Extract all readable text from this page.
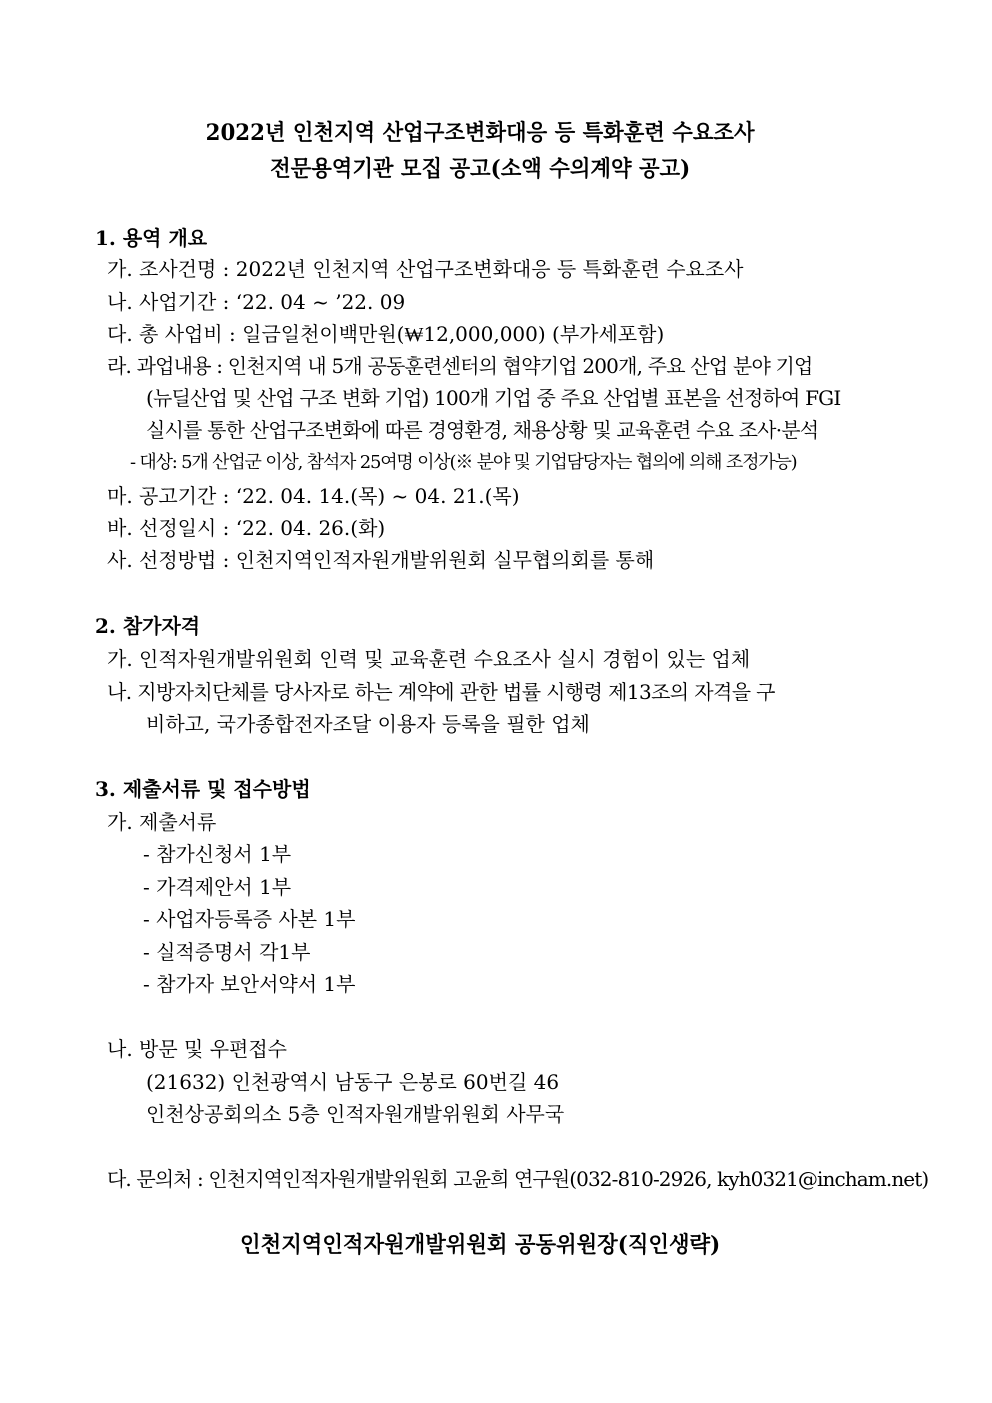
2022년 인천지역 산업구조변화대응 등 특화훈련 수요조사
전문용역기관 모집 공고(소액 수의계약 공고)
1. 용역 개요
가. 조사건명 : 2022년 인천지역 산업구조변화대응 등 특화훈련 수요조사
나. 사업기간 : ‘22. 04 ~ ’22. 09
다. 총 사업비 : 일금일천이백만원(₩12,000,000) (부가세포함)
라. 과업내용 : 인천지역 내 5개 공동훈련센터의 협약기업 200개, 주요 산업 분야 기업
(뉴딜산업 및 산업 구조 변화 기업) 100개 기업 중 주요 산업별 표본을 선정하여 FGI
실시를 통한 산업구조변화에 따른 경영환경, 채용상황 및 교육훈련 수요 조사·분석
- 대상: 5개 산업군 이상, 참석자 25여명 이상(※ 분야 및 기업담당자는 협의에 의해 조정가능)
마. 공고기간 : ‘22. 04. 14.(목) ~ 04. 21.(목)
바. 선정일시 : ‘22. 04. 26.(화)
사. 선정방법 : 인천지역인적자원개발위원회 실무협의회를 통해
2. 참가자격
가. 인적자원개발위원회 인력 및 교육훈련 수요조사 실시 경험이 있는 업체
나. 지방자치단체를 당사자로 하는 계약에 관한 법률 시행령 제13조의 자격을 구
비하고, 국가종합전자조달 이용자 등록을 필한 업체
3. 제출서류 및 접수방법
가. 제출서류
- 참가신청서 1부
- 가격제안서 1부
- 사업자등록증 사본 1부
- 실적증명서 각1부
- 참가자 보안서약서 1부
나. 방문 및 우편접수
(21632) 인천광역시 남동구 은봉로 60번길 46
인천상공회의소 5층 인적자원개발위원회 사무국
다. 문의처 : 인천지역인적자원개발위원회 고윤희 연구원(032-810-2926, kyh0321@incham.net)
인천지역인적자원개발위원회 공동위원장(직인생략)
